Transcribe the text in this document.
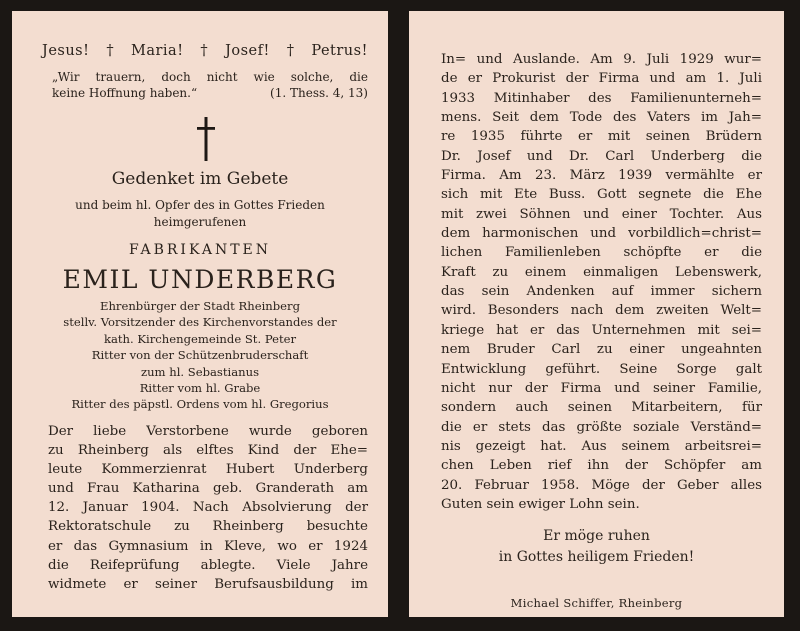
Jesus! † Maria! † Josef! † Petrus!
„Wir trauern, doch nicht wie solche, die
keine Hoffnung haben.“	(1. Thess. 4, 13)
Gedenket im Gebete
und beim hl. Opfer des in Gottes Frieden
heimgerufenen
FABRIKANTEN
EMIL UNDERBERG
Ehrenbürger der Stadt Rheinberg
stellv. Vorsitzender des Kirchenvorstandes der
kath. Kirchengemeinde St. Peter
Ritter von der Schützenbruderschaft
zum hl. Sebastianus
Ritter vom hl. Grabe
Ritter des päpstl. Ordens vom hl. Gregorius
Der liebe Verstorbene wurde geboren
zu Rheinberg als elftes Kind der Ehe=
leute Kommerzienrat Hubert Underberg
und Frau Katharina geb. Granderath am
12. Januar 1904. Nach Absolvierung der
Rektoratschule zu Rheinberg besuchte
er das Gymnasium in Kleve, wo er 1924
die Reifeprüfung ablegte. Viele Jahre
widmete er seiner Berufsausbildung im
In= und Auslande. Am 9. Juli 1929 wur=
de er Prokurist der Firma und am 1. Juli
1933 Mitinhaber des Familienunterneh=
mens. Seit dem Tode des Vaters im Jah=
re 1935 führte er mit seinen Brüdern
Dr. Josef und Dr. Carl Underberg die
Firma. Am 23. März 1939 vermählte er
sich mit Ete Buss. Gott segnete die Ehe
mit zwei Söhnen und einer Tochter. Aus
dem harmonischen und vorbildlich=christ=
lichen Familienleben schöpfte er die
Kraft zu einem einmaligen Lebenswerk,
das sein Andenken auf immer sichern
wird. Besonders nach dem zweiten Welt=
kriege hat er das Unternehmen mit sei=
nem Bruder Carl zu einer ungeahnten
Entwicklung geführt. Seine Sorge galt
nicht nur der Firma und seiner Familie,
sondern auch seinen Mitarbeitern, für
die er stets das größte soziale Verständ=
nis gezeigt hat. Aus seinem arbeitsrei=
chen Leben rief ihn der Schöpfer am
20. Februar 1958. Möge der Geber alles
Guten sein ewiger Lohn sein.
Er möge ruhen
in Gottes heiligem Frieden!
Michael Schiffer, Rheinberg
